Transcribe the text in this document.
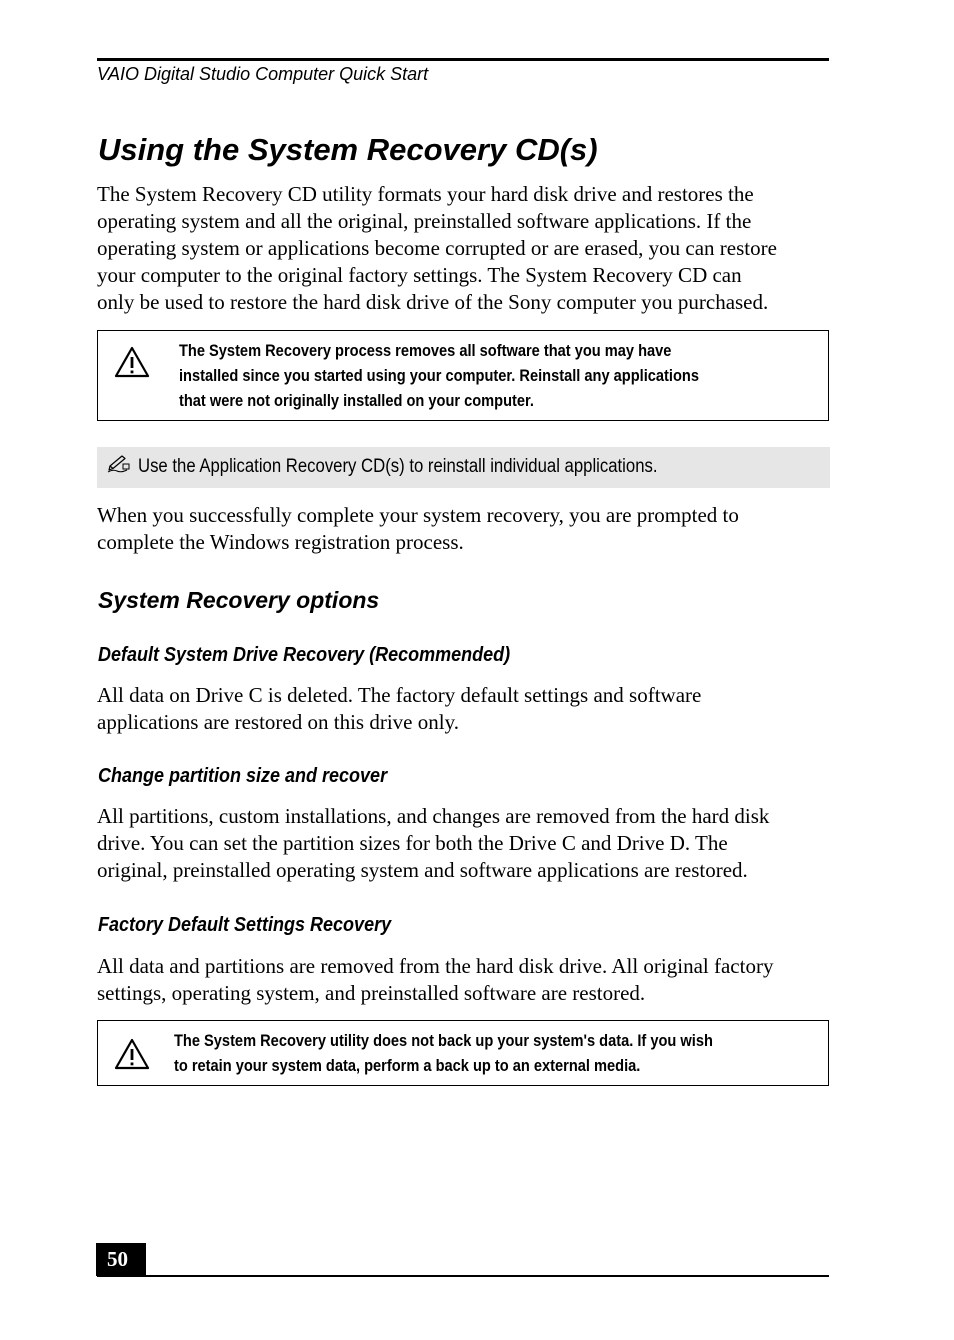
VAIO Digital Studio Computer Quick Start
Using the System Recovery CD(s)

The System Recovery CD utility formats your hard disk drive and restores the
operating system and all the original, preinstalled software applications. If the
operating system or applications become corrupted or are erased, you can restore
your computer to the original factory settings. The System Recovery CD can
only be used to restore the hard disk drive of the Sony computer you purchased.

The System Recovery process removes all software that you may have
installed since you started using your computer. Reinstall any applications
that were not originally installed on your computer.

Use the Application Recovery CD(s) to reinstall individual applications.

When you successfully complete your system recovery, you are prompted to
complete the Windows registration process.

System Recovery options
Default System Drive Recovery (Recommended)

All data on Drive C is deleted. The factory default settings and software
applications are restored on this drive only.

Change partition size and recover

All partitions, custom installations, and changes are removed from the hard disk
drive. You can set the partition sizes for both the Drive C and Drive D. The
original, preinstalled operating system and software applications are restored.

Factory Default Settings Recovery

All data and partitions are removed from the hard disk drive. All original factory
settings, operating system, and preinstalled software are restored.

The System Recovery utility does not back up your system's data. If you wish
to retain your system data, perform a back up to an external media.

50
